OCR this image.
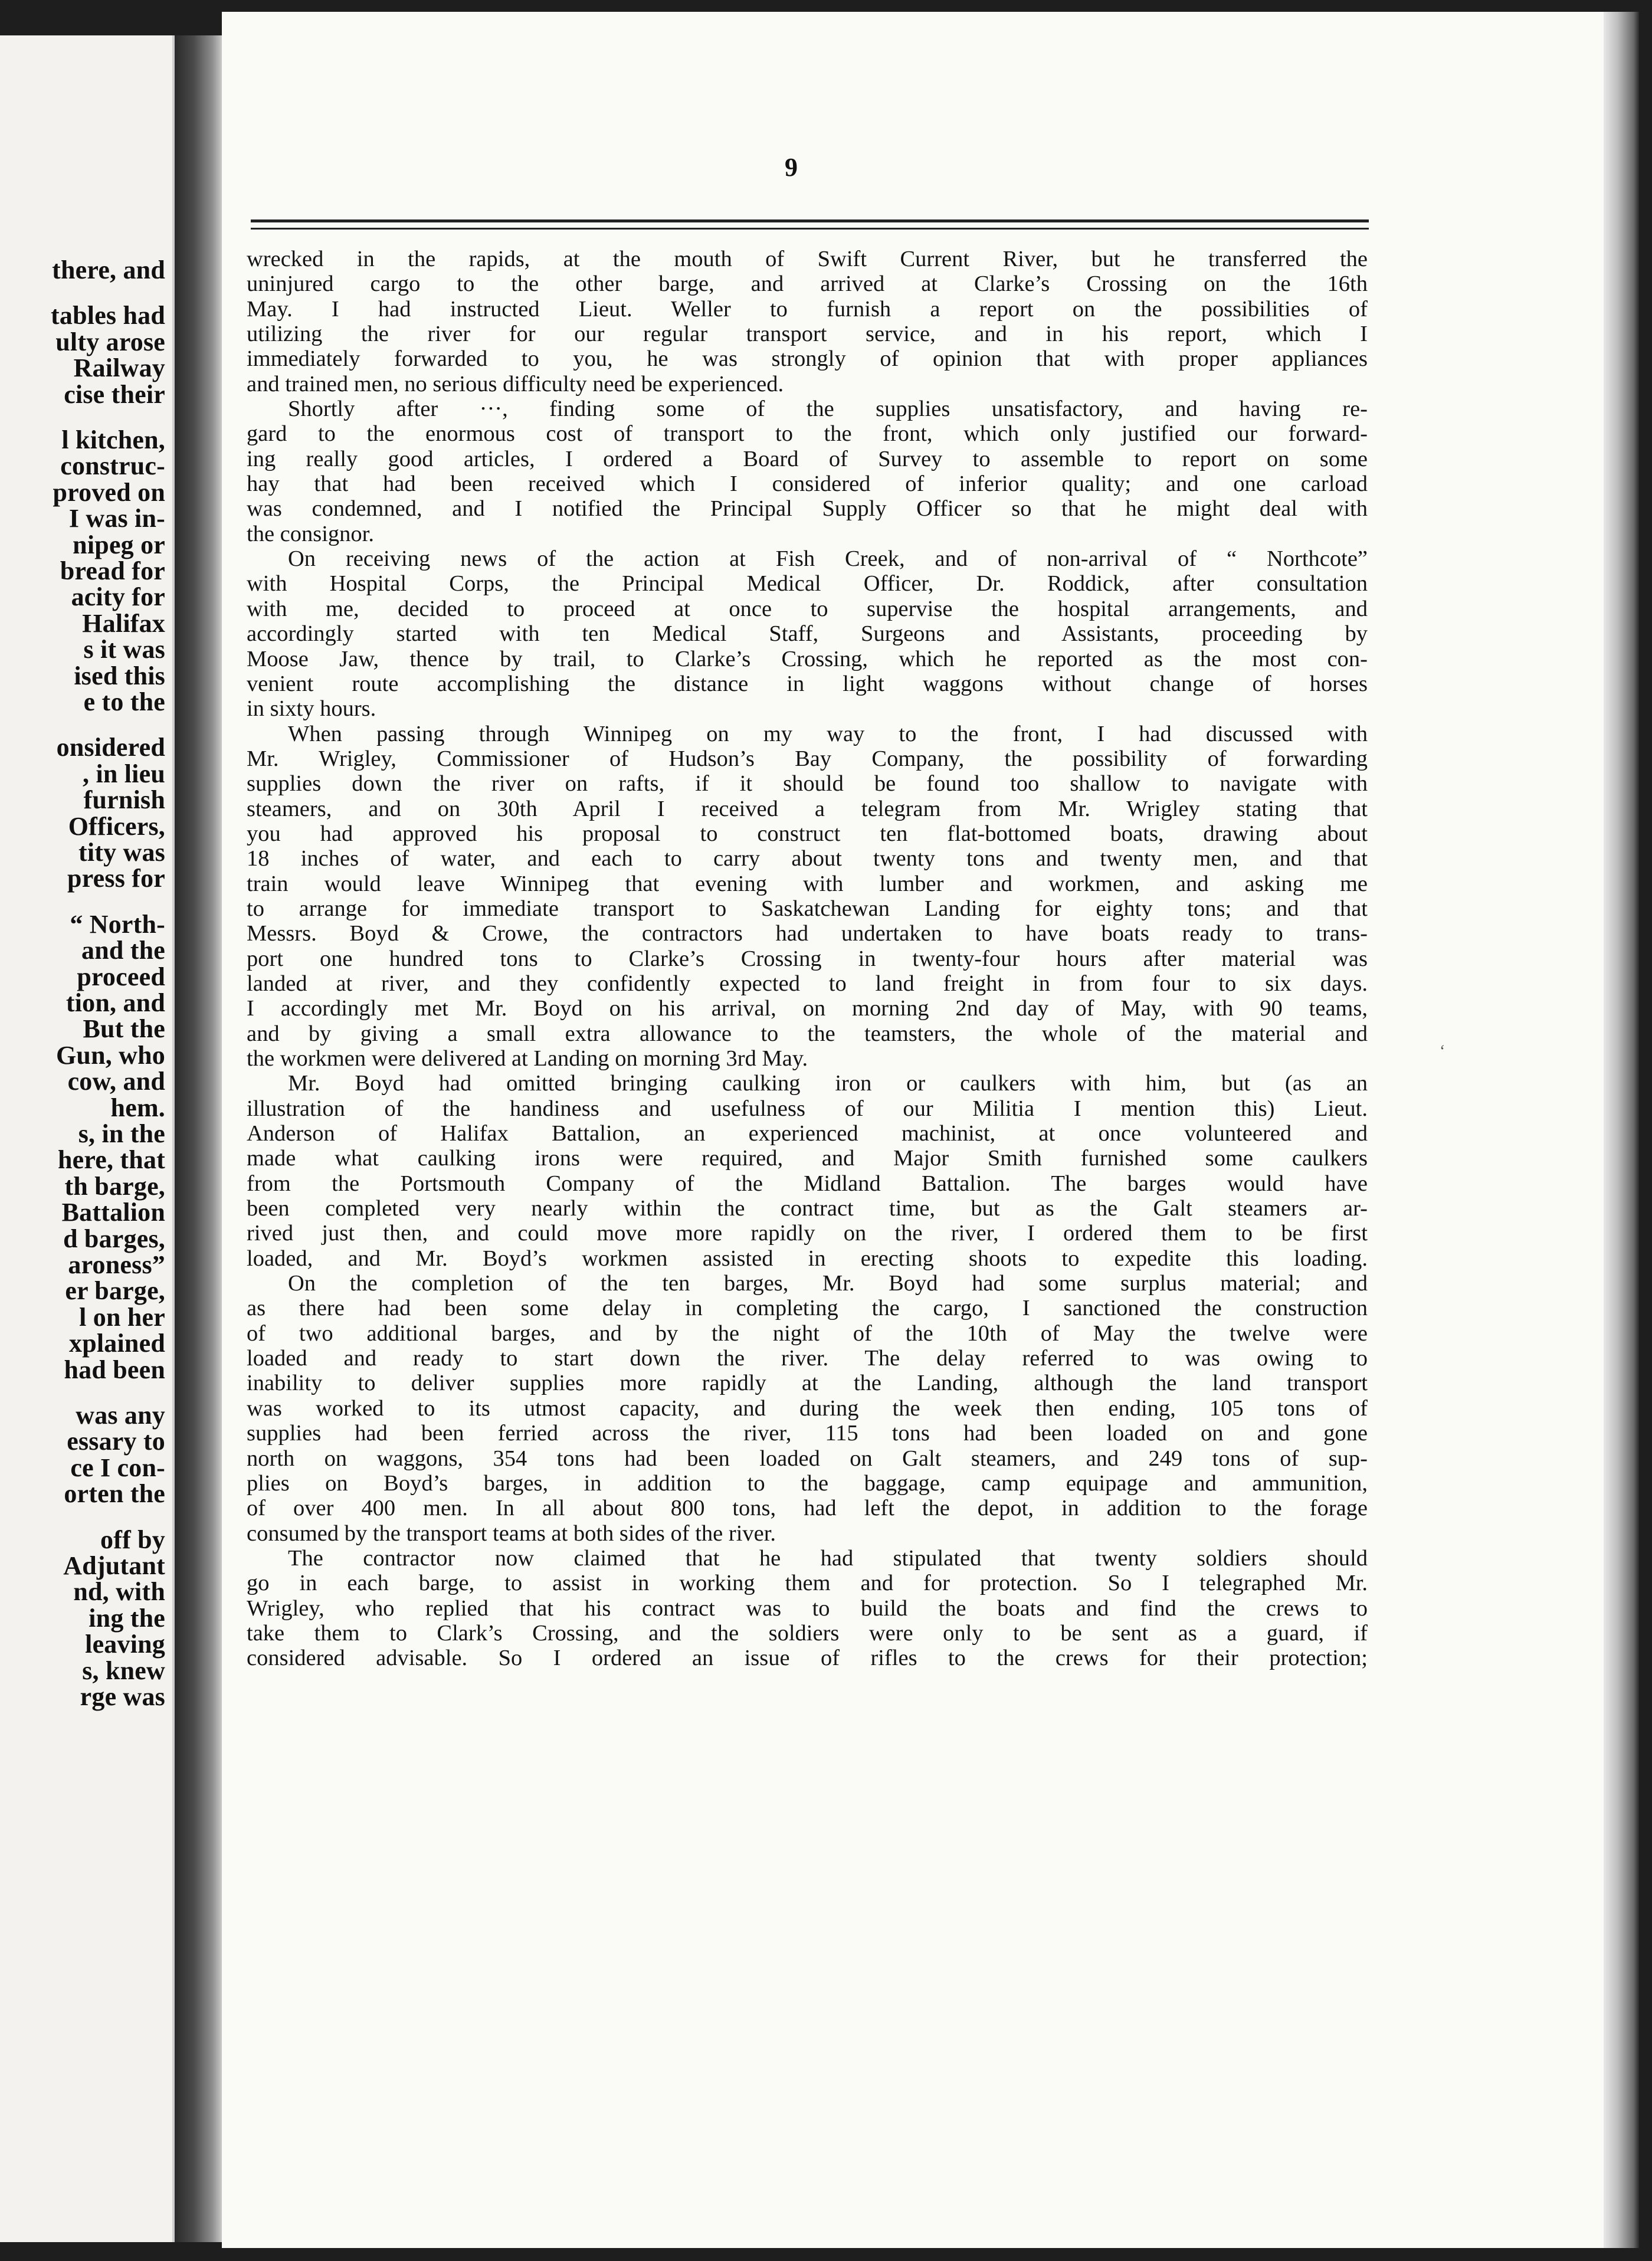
there, and
tables had
ulty arose
Railway
cise their
l kitchen,
construc-
proved on
I was in-
nipeg or
bread for
acity for
Halifax
s it was
ised this
e to the
onsidered
, in lieu
furnish
Officers,
tity was
press for
“ North-
and the
proceed
tion, and
But the
Gun, who
cow, and
hem.
s, in the
here, that
th barge,
Battalion
d barges,
aroness”
er barge,
l on her
xplained
had been
was any
essary to
ce I con-
orten the
off by
Adjutant
nd, with
ing the
leaving
s, knew
rge was
9
wrecked in the rapids, at the mouth of Swift Current River, but he transferred the
uninjured cargo to the other barge, and arrived at Clarke’s Crossing on the 16th
May. I had instructed Lieut. Weller to furnish a report on the possibilities of
utilizing the river for our regular transport service, and in his report, which I
immediately forwarded to you, he was strongly of opinion that with proper appliances
and trained men, no serious difficulty need be experienced.
Shortly after ···, finding some of the supplies unsatisfactory, and having re-
gard to the enormous cost of transport to the front, which only justified our forward-
ing really good articles, I ordered a Board of Survey to assemble to report on some
hay that had been received which I considered of inferior quality; and one carload
was condemned, and I notified the Principal Supply Officer so that he might deal with
the consignor.
On receiving news of the action at Fish Creek, and of non-arrival of “ Northcote”
with Hospital Corps, the Principal Medical Officer, Dr. Roddick, after consultation
with me, decided to proceed at once to supervise the hospital arrangements, and
accordingly started with ten Medical Staff, Surgeons and Assistants, proceeding by
Moose Jaw, thence by trail, to Clarke’s Crossing, which he reported as the most con-
venient route accomplishing the distance in light waggons without change of horses
in sixty hours.
When passing through Winnipeg on my way to the front, I had discussed with
Mr. Wrigley, Commissioner of Hudson’s Bay Company, the possibility of forwarding
supplies down the river on rafts, if it should be found too shallow to navigate with
steamers, and on 30th April I received a telegram from Mr. Wrigley stating that
you had approved his proposal to construct ten flat-bottomed boats, drawing about
18 inches of water, and each to carry about twenty tons and twenty men, and that
train would leave Winnipeg that evening with lumber and workmen, and asking me
to arrange for immediate transport to Saskatchewan Landing for eighty tons; and that
Messrs. Boyd & Crowe, the contractors had undertaken to have boats ready to trans-
port one hundred tons to Clarke’s Crossing in twenty-four hours after material was
landed at river, and they confidently expected to land freight in from four to six days.
I accordingly met Mr. Boyd on his arrival, on morning 2nd day of May, with 90 teams,
and by giving a small extra allowance to the teamsters, the whole of the material and
the workmen were delivered at Landing on morning 3rd May.
Mr. Boyd had omitted bringing caulking iron or caulkers with him, but (as an
illustration of the handiness and usefulness of our Militia I mention this) Lieut.
Anderson of Halifax Battalion, an experienced machinist, at once volunteered and
made what caulking irons were required, and Major Smith furnished some caulkers
from the Portsmouth Company of the Midland Battalion. The barges would have
been completed very nearly within the contract time, but as the Galt steamers ar-
rived just then, and could move more rapidly on the river, I ordered them to be first
loaded, and Mr. Boyd’s workmen assisted in erecting shoots to expedite this loading.
On the completion of the ten barges, Mr. Boyd had some surplus material; and
as there had been some delay in completing the cargo, I sanctioned the construction
of two additional barges, and by the night of the 10th of May the twelve were
loaded and ready to start down the river. The delay referred to was owing to
inability to deliver supplies more rapidly at the Landing, although the land transport
was worked to its utmost capacity, and during the week then ending, 105 tons of
supplies had been ferried across the river, 115 tons had been loaded on and gone
north on waggons, 354 tons had been loaded on Galt steamers, and 249 tons of sup-
plies on Boyd’s barges, in addition to the baggage, camp equipage and ammunition,
of over 400 men. In all about 800 tons, had left the depot, in addition to the forage
consumed by the transport teams at both sides of the river.
The contractor now claimed that he had stipulated that twenty soldiers should
go in each barge, to assist in working them and for protection. So I telegraphed Mr.
Wrigley, who replied that his contract was to build the boats and find the crews to
take them to Clark’s Crossing, and the soldiers were only to be sent as a guard, if
considered advisable. So I ordered an issue of rifles to the crews for their protection;
‘
